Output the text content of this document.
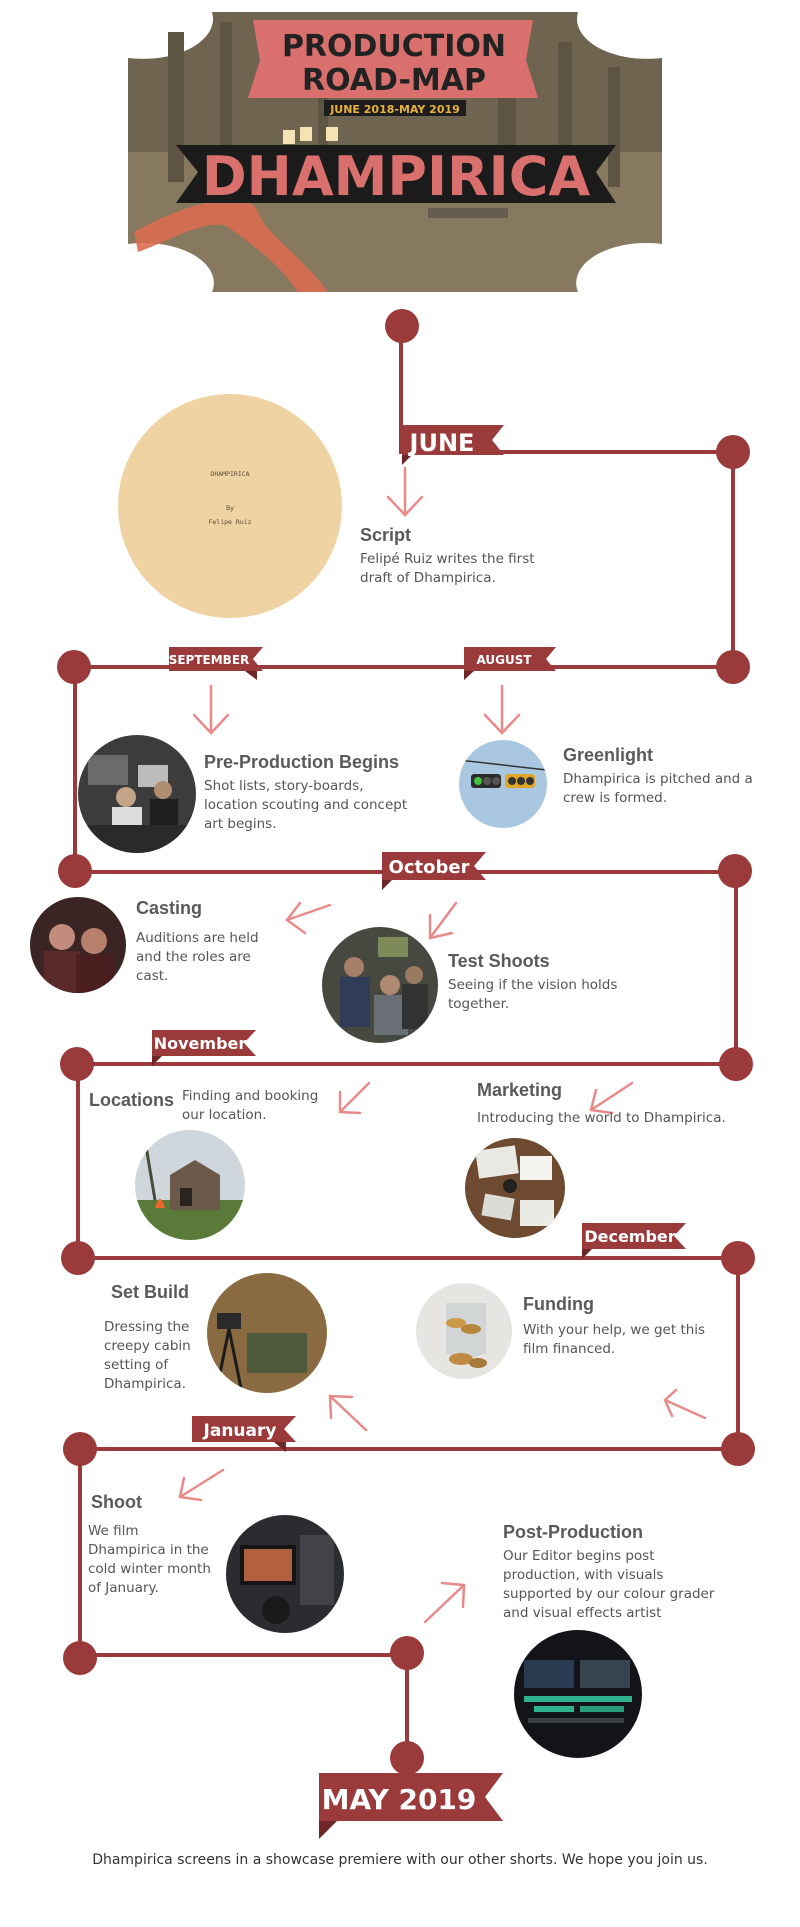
PRODUCTION
ROAD-MAP
JUNE 2018-MAY 2019
DHAMPIRICA
JUNE
SEPTEMBER	AUGUST
October
November
December
January
MAY 2019
DHAMPIRICA
By
Felipe Ruiz

Script

Felipé Ruiz writes the first draft of Dhampirica.

Greenlight

Dhampirica is pitched and a crew is formed.

Pre-Production Begins

Shot lists, story-boards, location scouting and concept art begins.

Casting

Auditions are held and the roles are cast.

Test Shoots

Seeing if the vision holds together.

Locations Finding and booking our location.

Marketing

Introducing the world to Dhampirica.

Set Build

Dressing the creepy cabin setting of Dhampirica.

Funding

With your help, we get this film financed.

Shoot

We film Dhampirica in the cold winter month of January.

Post-Production

Our Editor begins post production, with visuals supported by our colour grader and visual effects artist

Dhampirica screens in a showcase premiere with our other shorts. We hope you join us.
